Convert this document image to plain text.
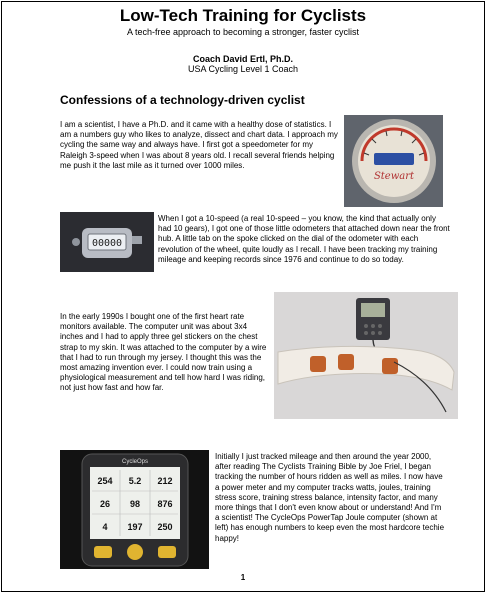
Low-Tech Training for Cyclists
A tech-free approach to becoming a stronger, faster cyclist
Coach David Ertl, Ph.D.
USA Cycling Level 1 Coach
Confessions of a technology-driven cyclist
I am a scientist, I have a Ph.D. and it came with a healthy dose of statistics. I am a numbers guy who likes to analyze, dissect and chart data. I approach my cycling the same way and always have. I first got a speedometer for my Raleigh 3-speed when I was about 8 years old. I recall several friends helping me push it the last mile as it turned over 1000 miles.
When I got a 10-speed (a real 10-speed – you know, the kind that actually only had 10 gears), I got one of those little odometers that attached down near the front hub. A little tab on the spoke clicked on the dial of the odometer with each revolution of the wheel, quite loudly as I recall. I have been tracking my training mileage and keeping records since 1976 and continue to do so today.
In the early 1990s I bought one of the first heart rate monitors available. The computer unit was about 3x4 inches and I had to apply three gel stickers on the chest strap to my skin. It was attached to the computer by a wire that I had to run through my jersey. I thought this was the most amazing invention ever. I could now train using a physiological measurement and tell how hard I was riding, not just how fast and how far.
Initially I just tracked mileage and then around the year 2000, after reading The Cyclists Training Bible by Joe Friel, I began tracking the number of hours ridden as well as miles. I now have a power meter and my computer tracks watts, joules, training stress score, training stress balance, intensity factor, and many more things that I don't even know about or understand! And I'm a scientist! The CycleOps PowerTap Joule computer (shown at left) has enough numbers to keep even the most hardcore techie happy!
Stewart
00000
CycleOps
254 5.2 212
26 98 876
4 197 250
1
